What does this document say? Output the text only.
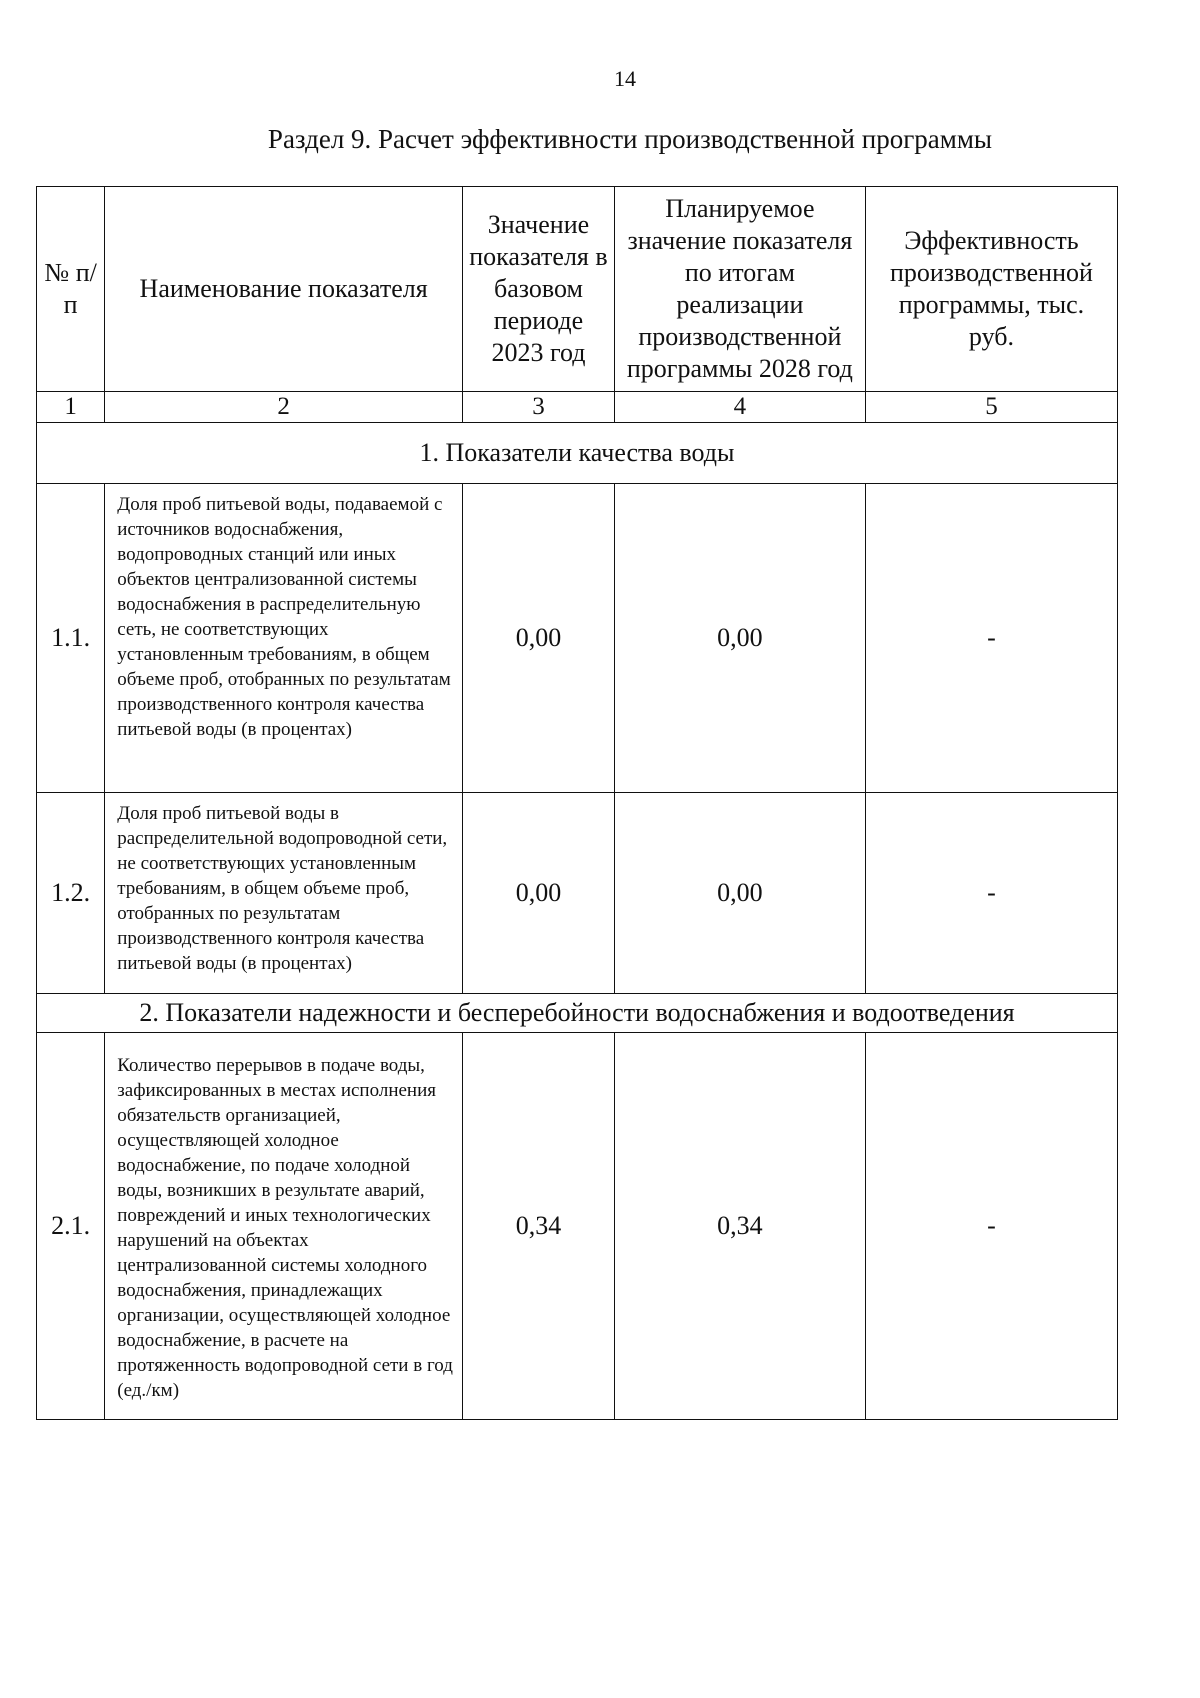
14
Раздел 9. Расчет эффективности производственной программы
№ п/п	Наименование показателя	Значение показателя в базовом периоде 2023 год	Планируемое значение показателя по итогам реализации производственной программы 2028 год	Эффективность производственной программы, тыс. руб.
1	2	3	4	5
1. Показатели качества воды				
1.1.	Доля проб питьевой воды, подаваемой с источников водоснабжения, водопроводных станций или иных объектов централизованной системы водоснабжения в распределительную сеть, не соответствующих установленным требованиям, в общем объеме проб, отобранных по результатам производственного контроля качества питьевой воды (в процентах)	0,00	0,00	-
1.2.	Доля проб питьевой воды в распределительной водопроводной сети, не соответствующих установленным требованиям, в общем объеме проб, отобранных по результатам производственного контроля качества питьевой воды (в процентах)	0,00	0,00	-
2. Показатели надежности и бесперебойности водоснабжения и водоотведения				
2.1.	Количество перерывов в подаче воды, зафиксированных в местах исполнения обязательств организацией, осуществляющей холодное водоснабжение, по подаче холодной воды, возникших в результате аварий, повреждений и иных технологических нарушений на объектах централизованной системы холодного водоснабжения, принадлежащих организации, осуществляющей холодное водоснабжение, в расчете на протяженность водопроводной сети в год (ед./км)	0,34	0,34	-
